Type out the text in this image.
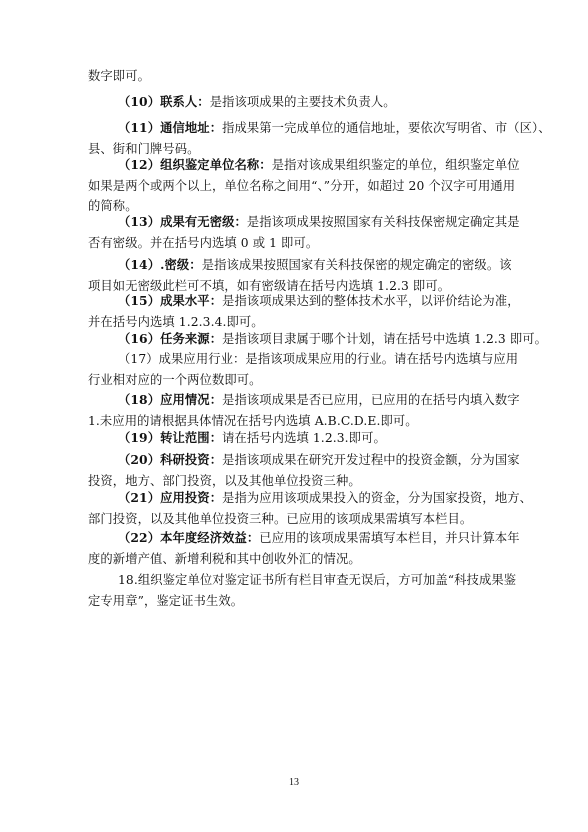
数字即可。
（10）联系人：是指该项成果的主要技术负责人。
（11）通信地址：指成果第一完成单位的通信地址，要依次写明省、市（区）、
县、街和门牌号码。
（12）组织鉴定单位名称：是指对该成果组织鉴定的单位，组织鉴定单位
如果是两个或两个以上，单位名称之间用“、”分开，如超过 20 个汉字可用通用
的简称。
（13）成果有无密级：是指该项成果按照国家有关科技保密规定确定其是
否有密级。并在括号内选填 0 或 1 即可。
（14）.密级：是指该成果按照国家有关科技保密的规定确定的密级。该
项目如无密级此栏可不填，如有密级请在括号内选填 1.2.3 即可。
（15）成果水平：是指该项成果达到的整体技术水平，以评价结论为准，
并在括号内选填 1.2.3.4.即可。
（16）任务来源：是指该项目隶属于哪个计划，请在括号中选填 1.2.3 即可。
（17）成果应用行业：是指该项成果应用的行业。请在括号内选填与应用
行业相对应的一个两位数即可。
（18）应用情况：是指该项成果是否已应用，已应用的在括号内填入数字
1.未应用的请根据具体情况在括号内选填 A.B.C.D.E.即可。
（19）转让范围：请在括号内选填 1.2.3.即可。
（20）科研投资：是指该项成果在研究开发过程中的投资金额，分为国家
投资，地方、部门投资，以及其他单位投资三种。
（21）应用投资：是指为应用该项成果投入的资金，分为国家投资，地方、
部门投资，以及其他单位投资三种。已应用的该项成果需填写本栏目。
（22）本年度经济效益：已应用的该项成果需填写本栏目，并只计算本年
度的新增产值、新增利税和其中创收外汇的情况。
18.组织鉴定单位对鉴定证书所有栏目审查无误后，方可加盖“科技成果鉴
定专用章”，鉴定证书生效。
13
